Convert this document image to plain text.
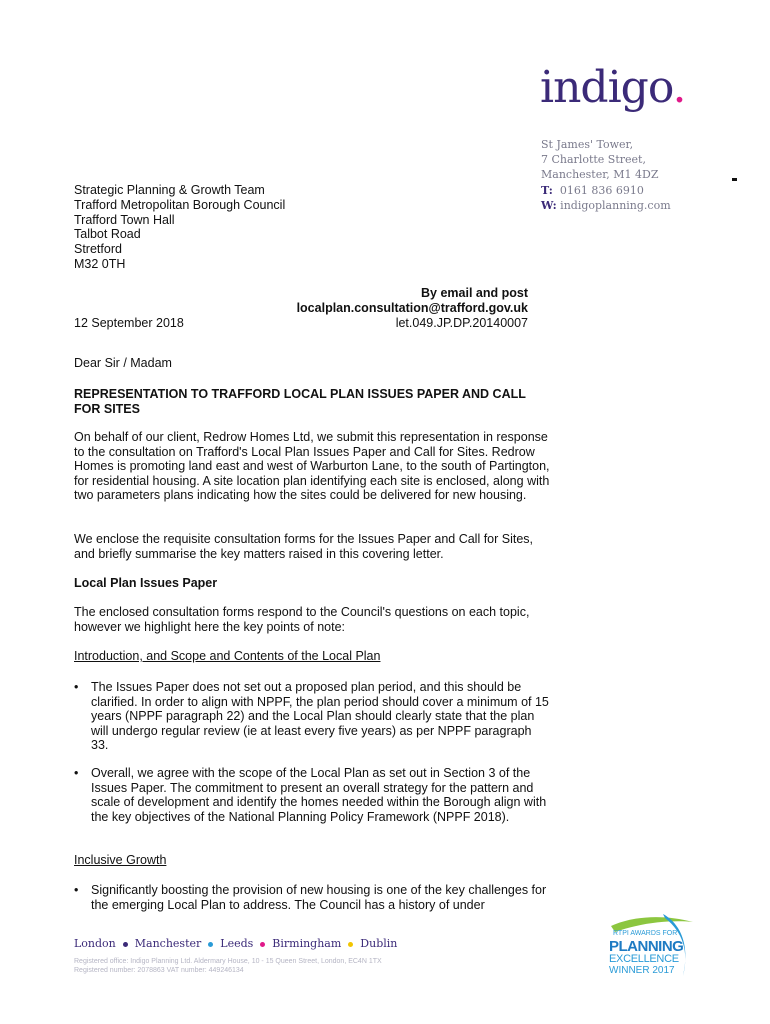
indigo.
St James' Tower,
7 Charlotte Street,
Manchester, M1 4DZ
T: 0161 836 6910
W: indigoplanning.com
Strategic Planning & Growth Team
Trafford Metropolitan Borough Council
Trafford Town Hall
Talbot Road
Stretford
M32 0TH
By email and post
localplan.consultation@trafford.gov.uk
12 September 2018	let.049.JP.DP.20140007
Dear Sir / Madam
REPRESENTATION TO TRAFFORD LOCAL PLAN ISSUES PAPER AND CALL FOR SITES
On behalf of our client, Redrow Homes Ltd, we submit this representation in response to the consultation on Trafford's Local Plan Issues Paper and Call for Sites. Redrow Homes is promoting land east and west of Warburton Lane, to the south of Partington, for residential housing. A site location plan identifying each site is enclosed, along with two parameters plans indicating how the sites could be delivered for new housing.
We enclose the requisite consultation forms for the Issues Paper and Call for Sites, and briefly summarise the key matters raised in this covering letter.
Local Plan Issues Paper
The enclosed consultation forms respond to the Council's questions on each topic, however we highlight here the key points of note:
Introduction, and Scope and Contents of the Local Plan
• The Issues Paper does not set out a proposed plan period, and this should be clarified. In order to align with NPPF, the plan period should cover a minimum of 15 years (NPPF paragraph 22) and the Local Plan should clearly state that the plan will undergo regular review (ie at least every five years) as per NPPF paragraph 33.
• Overall, we agree with the scope of the Local Plan as set out in Section 3 of the Issues Paper. The commitment to present an overall strategy for the pattern and scale of development and identify the homes needed within the Borough align with the key objectives of the National Planning Policy Framework (NPPF 2018).
Inclusive Growth
• Significantly boosting the provision of new housing is one of the key challenges for the emerging Local Plan to address. The Council has a history of under
London Manchester Leeds Birmingham Dublin
Registered office: Indigo Planning Ltd. Aldermary House, 10 - 15 Queen Street, London, EC4N 1TX
Registered number: 2078863 VAT number: 449246134
RTPI AWARDS FOR
PLANNING
EXCELLENCE
WINNER 2017
